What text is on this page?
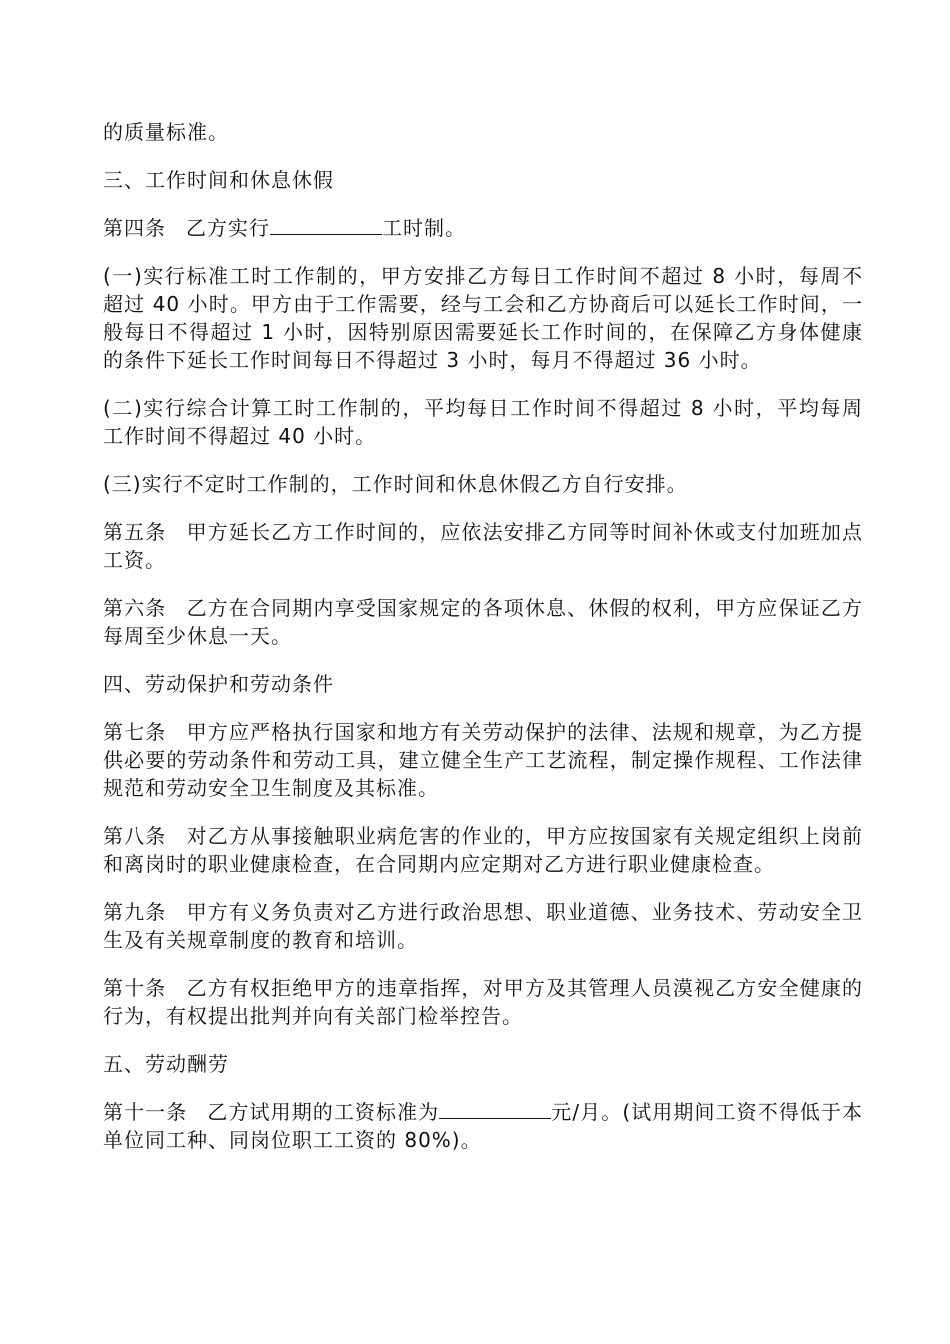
的质量标准。

三、工作时间和休息休假

第四条 乙方实行	工时制。

(一)实行标准工时工作制的，甲方安排乙方每日工作时间不超过 8 小时，每周不超过 40 小时。甲方由于工作需要，经与工会和乙方协商后可以延长工作时间，一般每日不得超过 1 小时，因特别原因需要延长工作时间的，在保障乙方身体健康的条件下延长工作时间每日不得超过 3 小时，每月不得超过 36 小时。

(二)实行综合计算工时工作制的，平均每日工作时间不得超过 8 小时，平均每周工作时间不得超过 40 小时。

(三)实行不定时工作制的，工作时间和休息休假乙方自行安排。

第五条 甲方延长乙方工作时间的，应依法安排乙方同等时间补休或支付加班加点工资。

第六条 乙方在合同期内享受国家规定的各项休息、休假的权利，甲方应保证乙方每周至少休息一天。

四、劳动保护和劳动条件

第七条 甲方应严格执行国家和地方有关劳动保护的法律、法规和规章，为乙方提供必要的劳动条件和劳动工具，建立健全生产工艺流程，制定操作规程、工作法律规范和劳动安全卫生制度及其标准。

第八条 对乙方从事接触职业病危害的作业的，甲方应按国家有关规定组织上岗前和离岗时的职业健康检查，在合同期内应定期对乙方进行职业健康检查。

第九条 甲方有义务负责对乙方进行政治思想、职业道德、业务技术、劳动安全卫生及有关规章制度的教育和培训。

第十条 乙方有权拒绝甲方的违章指挥，对甲方及其管理人员漠视乙方安全健康的行为，有权提出批判并向有关部门检举控告。

五、劳动酬劳

第十一条 乙方试用期的工资标准为	元/月。(试用期间工资不得低于本单位同工种、同岗位职工工资的 80%)。
